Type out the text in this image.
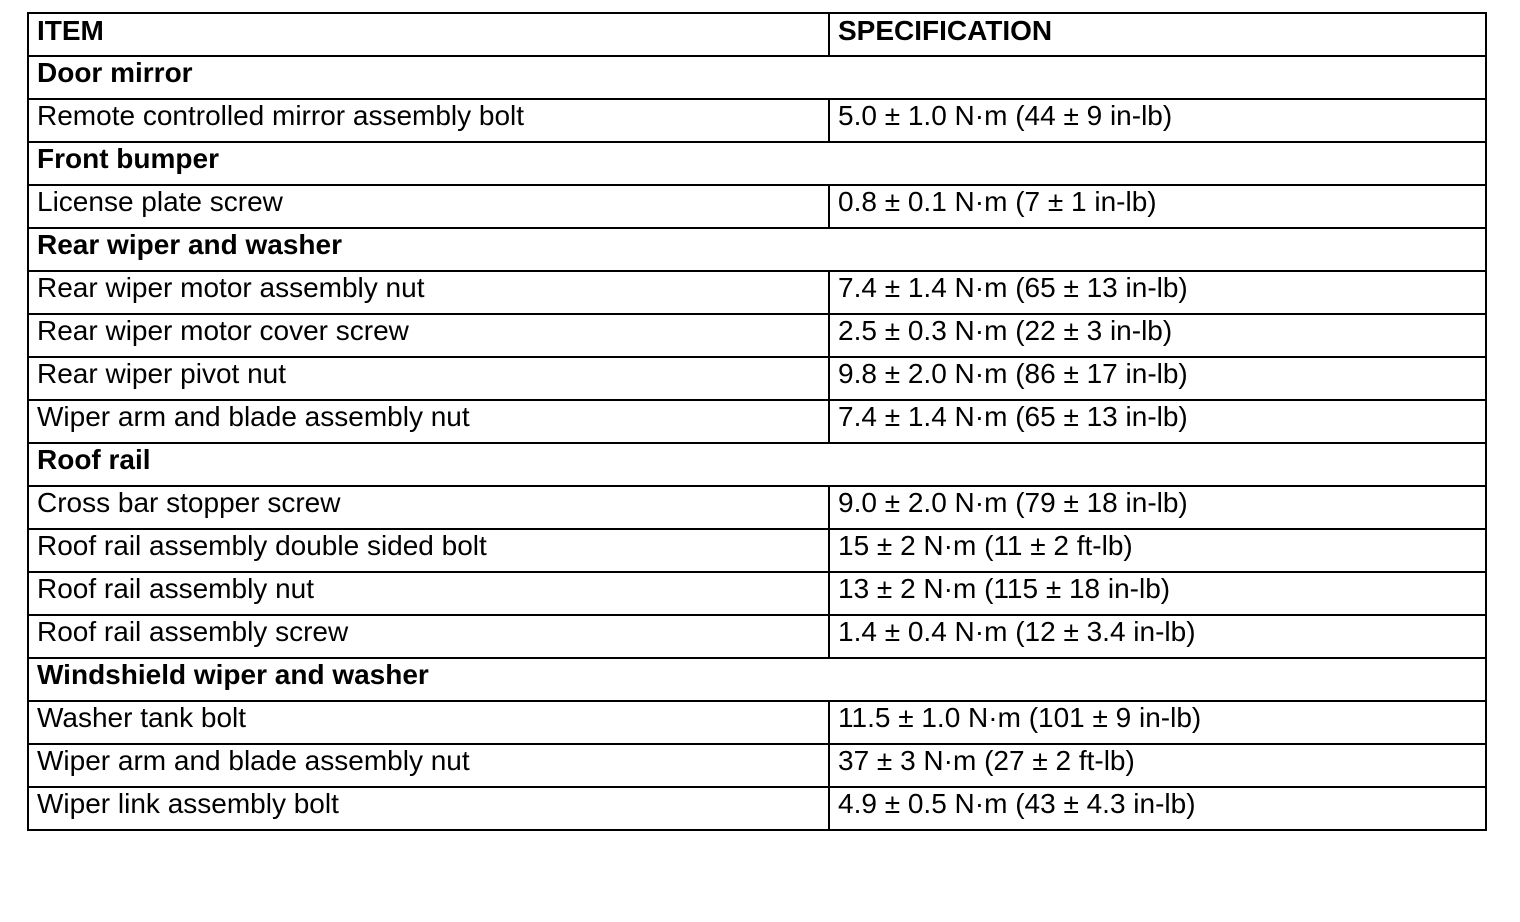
ITEM	SPECIFICATION
Door mirror	
Remote controlled mirror assembly bolt	5.0 ± 1.0 N·m (44 ± 9 in-lb)
Front bumper	
License plate screw	0.8 ± 0.1 N·m (7 ± 1 in-lb)
Rear wiper and washer	
Rear wiper motor assembly nut	7.4 ± 1.4 N·m (65 ± 13 in-lb)
Rear wiper motor cover screw	2.5 ± 0.3 N·m (22 ± 3 in-lb)
Rear wiper pivot nut	9.8 ± 2.0 N·m (86 ± 17 in-lb)
Wiper arm and blade assembly nut	7.4 ± 1.4 N·m (65 ± 13 in-lb)
Roof rail	
Cross bar stopper screw	9.0 ± 2.0 N·m (79 ± 18 in-lb)
Roof rail assembly double sided bolt	15 ± 2 N·m (11 ± 2 ft-lb)
Roof rail assembly nut	13 ± 2 N·m (115 ± 18 in-lb)
Roof rail assembly screw	1.4 ± 0.4 N·m (12 ± 3.4 in-lb)
Windshield wiper and washer	
Washer tank bolt	11.5 ± 1.0 N·m (101 ± 9 in-lb)
Wiper arm and blade assembly nut	37 ± 3 N·m (27 ± 2 ft-lb)
Wiper link assembly bolt	4.9 ± 0.5 N·m (43 ± 4.3 in-lb)
